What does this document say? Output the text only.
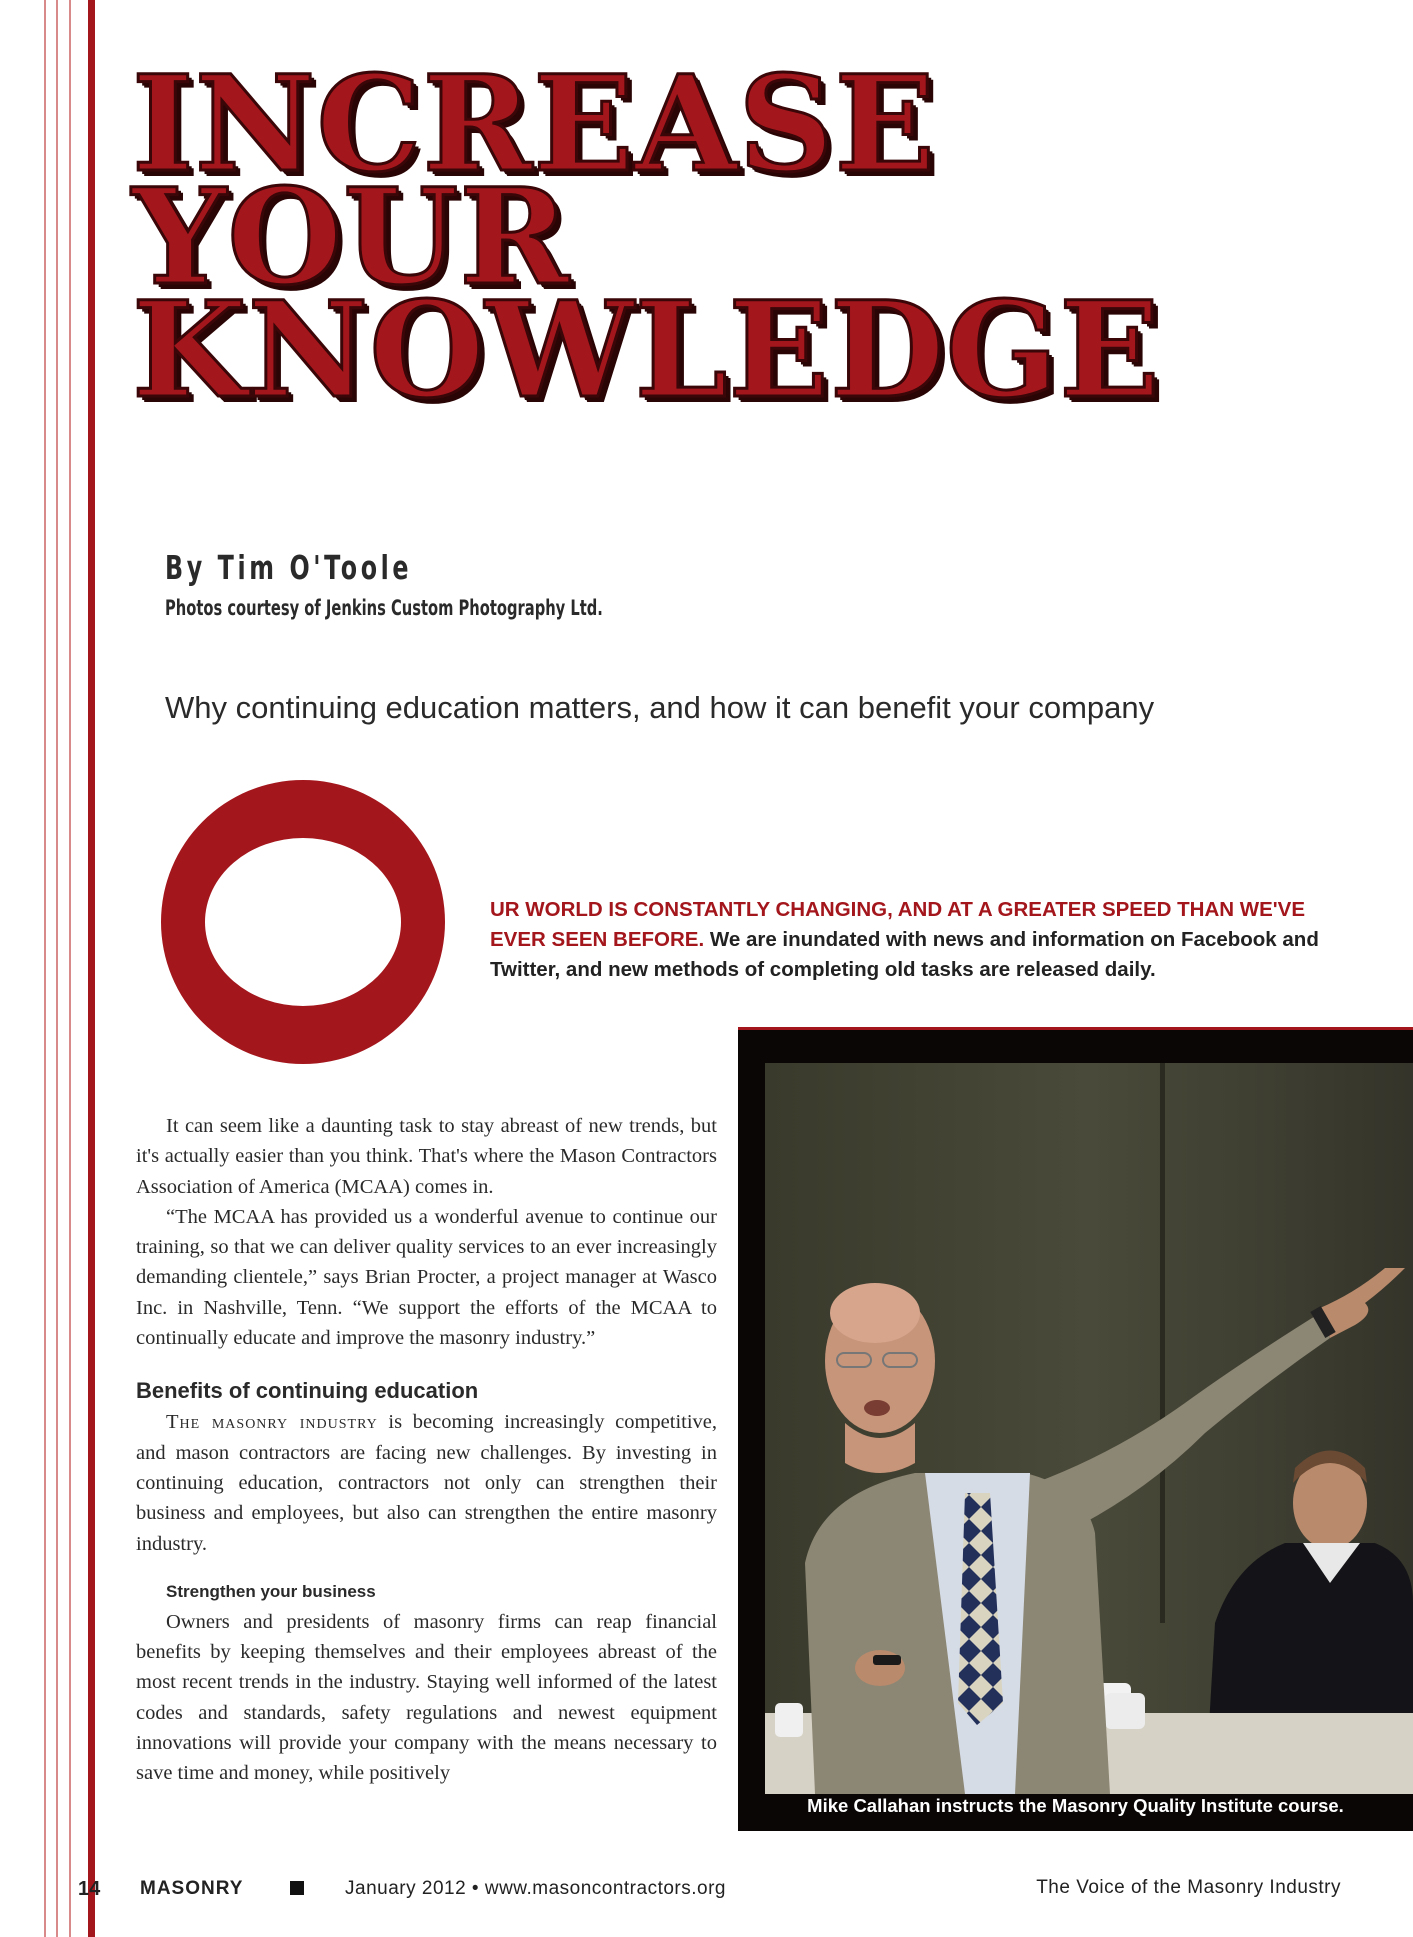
INCREASE
YOUR
KNOWLEDGE
By Tim O'Toole
Photos courtesy of Jenkins Custom Photography Ltd.
Why continuing education matters, and how it can benefit your company
UR WORLD IS CONSTANTLY CHANGING, AND AT A GREATER SPEED THAN WE'VE EVER SEEN BEFORE. We are inundated with news and information on Facebook and Twitter, and new methods of completing old tasks are released daily.

It can seem like a daunting task to stay abreast of new trends, but it's actually easier than you think. That's where the Mason Contractors Association of America (MCAA) comes in.

“The MCAA has provided us a wonderful avenue to continue our training, so that we can deliver quality services to an ever increasingly demanding clientele,” says Brian Procter, a project manager at Wasco Inc. in Nashville, Tenn. “We support the efforts of the MCAA to continually educate and improve the masonry industry.”

Benefits of continuing education

The masonry industry is becoming increasingly competitive, and mason contractors are facing new challenges. By investing in continuing education, contractors not only can strengthen their business and employees, but also can strengthen the entire masonry industry.

Strengthen your business

Owners and presidents of masonry firms can reap financial benefits by keeping themselves and their employees abreast of the most recent trends in the industry. Staying well informed of the latest codes and standards, safety regulations and newest equipment innovations will provide your company with the means necessary to save time and money, while positively

Mike Callahan instructs the Masonry Quality Institute course.
14 MASONRY	January 2012 • www.masoncontractors.org	The Voice of the Masonry Industry
